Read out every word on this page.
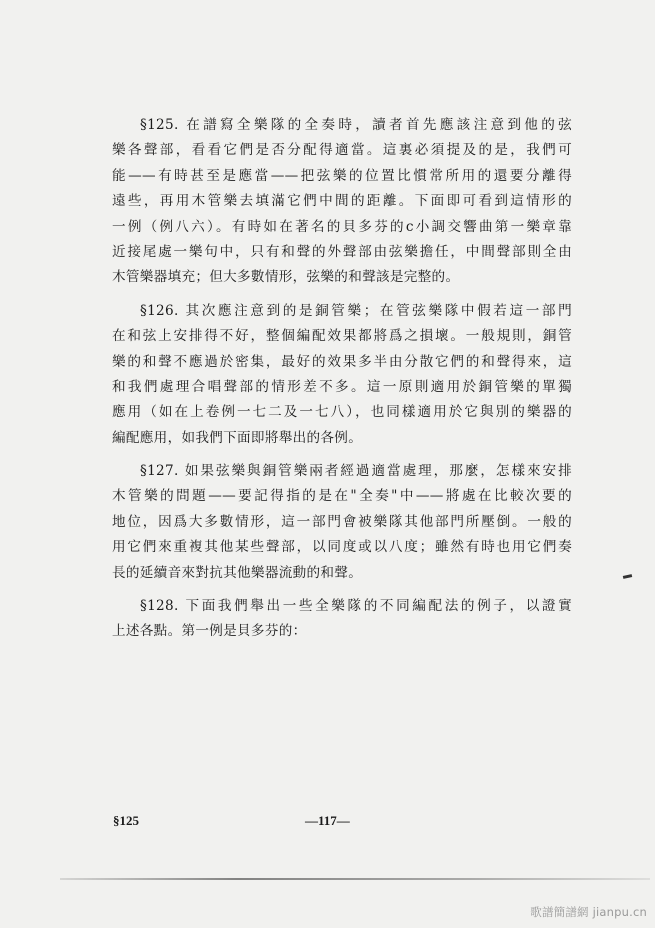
§125. 在譜寫全樂隊的全奏時，讀者首先應該注意到他的弦
樂各聲部，看看它們是否分配得適當。這裏必須提及的是，我們可
能——有時甚至是應當——把弦樂的位置比慣常所用的還要分離得
遠些，再用木管樂去填滿它們中間的距離。下面即可看到這情形的
一例（例八六）。有時如在著名的貝多芬的c小調交響曲第一樂章靠
近接尾處一樂句中，只有和聲的外聲部由弦樂擔任，中間聲部則全由
木管樂器填充；但大多數情形，弦樂的和聲該是完整的。
§126. 其次應注意到的是銅管樂；在管弦樂隊中假若這一部門
在和弦上安排得不好，整個編配效果都將爲之損壞。一般規則，銅管
樂的和聲不應過於密集，最好的效果多半由分散它們的和聲得來，這
和我們處理合唱聲部的情形差不多。這一原則適用於銅管樂的單獨
應用（如在上卷例一七二及一七八），也同樣適用於它與別的樂器的
編配應用，如我們下面即將舉出的各例。
§127. 如果弦樂與銅管樂兩者經過適當處理，那麼，怎樣來安排
木管樂的問題——要記得指的是在"全奏"中——將處在比較次要的
地位，因爲大多數情形，這一部門會被樂隊其他部門所壓倒。一般的
用它們來重複其他某些聲部，以同度或以八度；雖然有時也用它們奏
長的延續音來對抗其他樂器流動的和聲。
§128. 下面我們舉出一些全樂隊的不同編配法的例子，以證實
上述各點。第一例是貝多芬的：
§125	—117—
歌譜簡譜網 jianpu.cn
